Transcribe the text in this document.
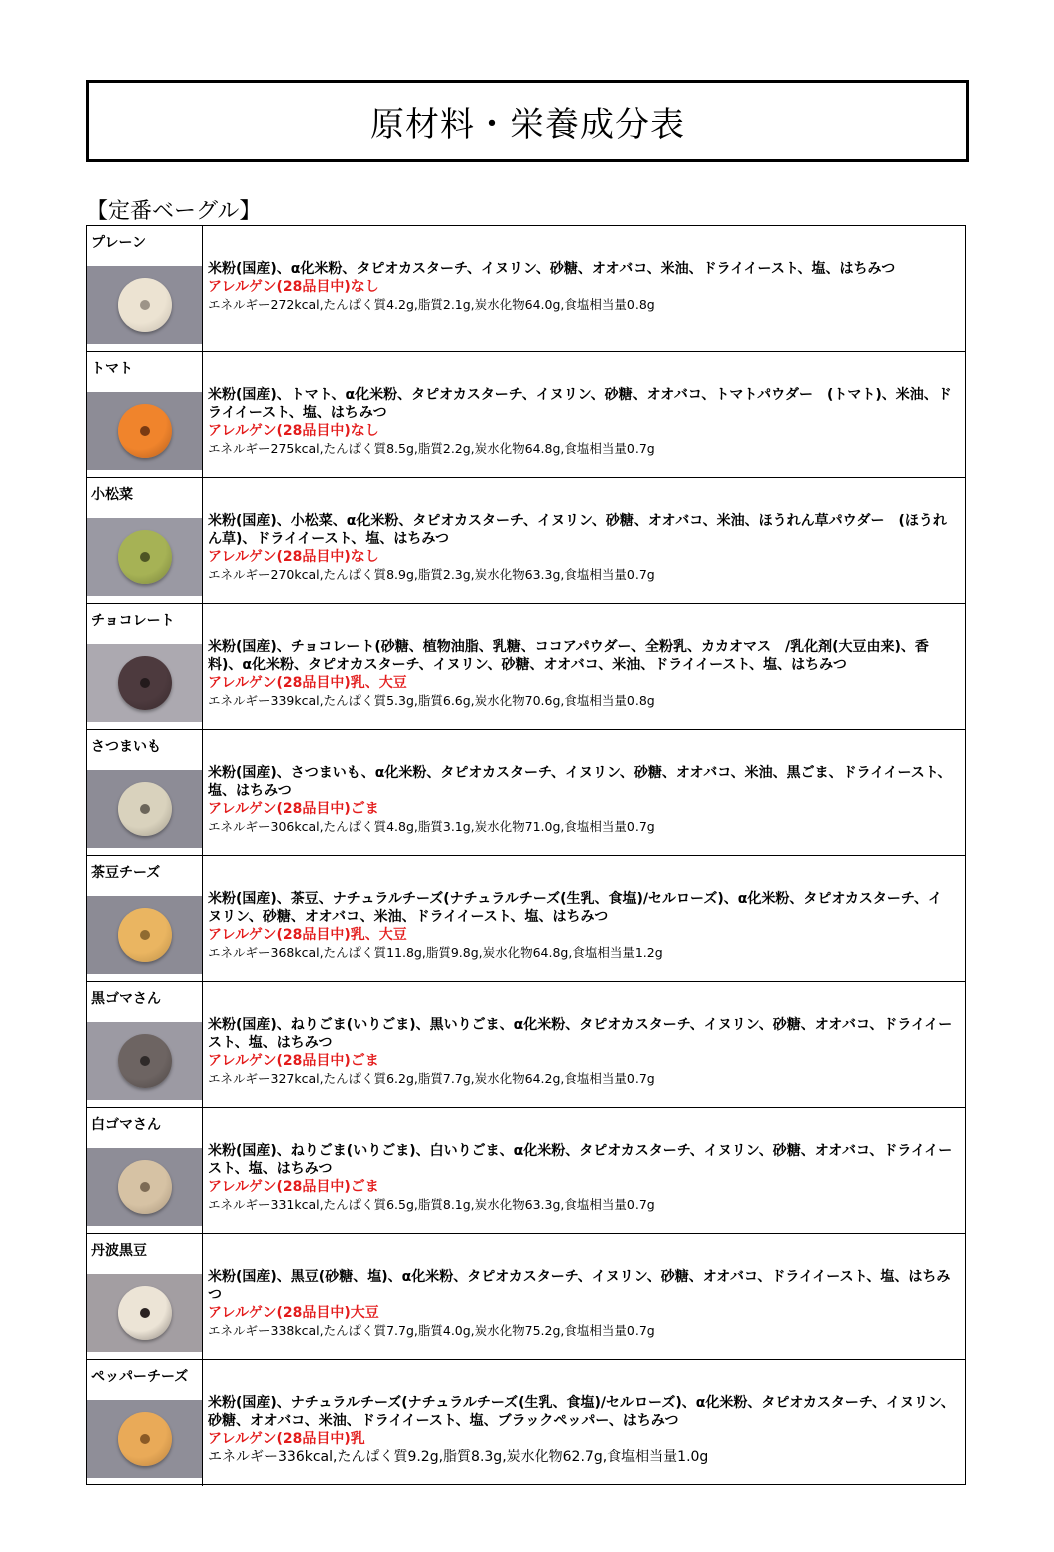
原材料・栄養成分表
【定番ベーグル】
プレーン
米粉(国産)、α化米粉、タピオカスターチ、イヌリン、砂糖、オオバコ、米油、ドライイースト、塩、はちみつ
アレルゲン(28品目中)なし
エネルギー272kcal,たんぱく質4.2g,脂質2.1g,炭水化物64.0g,食塩相当量0.8g
トマト
米粉(国産)、トマト、α化米粉、タピオカスターチ、イヌリン、砂糖、オオバコ、トマトパウダー　(トマト)、米油、ドライイースト、塩、はちみつ
アレルゲン(28品目中)なし
エネルギー275kcal,たんぱく質8.5g,脂質2.2g,炭水化物64.8g,食塩相当量0.7g
小松菜
米粉(国産)、小松菜、α化米粉、タピオカスターチ、イヌリン、砂糖、オオバコ、米油、ほうれん草パウダー　(ほうれん草)、ドライイースト、塩、はちみつ
アレルゲン(28品目中)なし
エネルギー270kcal,たんぱく質8.9g,脂質2.3g,炭水化物63.3g,食塩相当量0.7g
チョコレート
米粉(国産)、チョコレート(砂糖、植物油脂、乳糖、ココアパウダー、全粉乳、カカオマス　/乳化剤(大豆由来)、香料)、α化米粉、タピオカスターチ、イヌリン、砂糖、オオバコ、米油、ドライイースト、塩、はちみつ
アレルゲン(28品目中)乳、大豆
エネルギー339kcal,たんぱく質5.3g,脂質6.6g,炭水化物70.6g,食塩相当量0.8g
さつまいも
米粉(国産)、さつまいも、α化米粉、タピオカスターチ、イヌリン、砂糖、オオバコ、米油、黒ごま、ドライイースト、塩、はちみつ
アレルゲン(28品目中)ごま
エネルギー306kcal,たんぱく質4.8g,脂質3.1g,炭水化物71.0g,食塩相当量0.7g
茶豆チーズ
米粉(国産)、茶豆、ナチュラルチーズ(ナチュラルチーズ(生乳、食塩)/セルローズ)、α化米粉、タピオカスターチ、イヌリン、砂糖、オオバコ、米油、ドライイースト、塩、はちみつ
アレルゲン(28品目中)乳、大豆
エネルギー368kcal,たんぱく質11.8g,脂質9.8g,炭水化物64.8g,食塩相当量1.2g
黒ゴマさん
米粉(国産)、ねりごま(いりごま)、黒いりごま、α化米粉、タピオカスターチ、イヌリン、砂糖、オオバコ、ドライイースト、塩、はちみつ
アレルゲン(28品目中)ごま
エネルギー327kcal,たんぱく質6.2g,脂質7.7g,炭水化物64.2g,食塩相当量0.7g
白ゴマさん
米粉(国産)、ねりごま(いりごま)、白いりごま、α化米粉、タピオカスターチ、イヌリン、砂糖、オオバコ、ドライイースト、塩、はちみつ
アレルゲン(28品目中)ごま
エネルギー331kcal,たんぱく質6.5g,脂質8.1g,炭水化物63.3g,食塩相当量0.7g
丹波黒豆
米粉(国産)、黒豆(砂糖、塩)、α化米粉、タピオカスターチ、イヌリン、砂糖、オオバコ、ドライイースト、塩、はちみつ
アレルゲン(28品目中)大豆
エネルギー338kcal,たんぱく質7.7g,脂質4.0g,炭水化物75.2g,食塩相当量0.7g
ペッパーチーズ
米粉(国産)、ナチュラルチーズ(ナチュラルチーズ(生乳、食塩)/セルローズ)、α化米粉、タピオカスターチ、イヌリン、砂糖、オオバコ、米油、ドライイースト、塩、ブラックペッパー、はちみつ
アレルゲン(28品目中)乳
エネルギー336kcal,たんぱく質9.2g,脂質8.3g,炭水化物62.7g,食塩相当量1.0g
